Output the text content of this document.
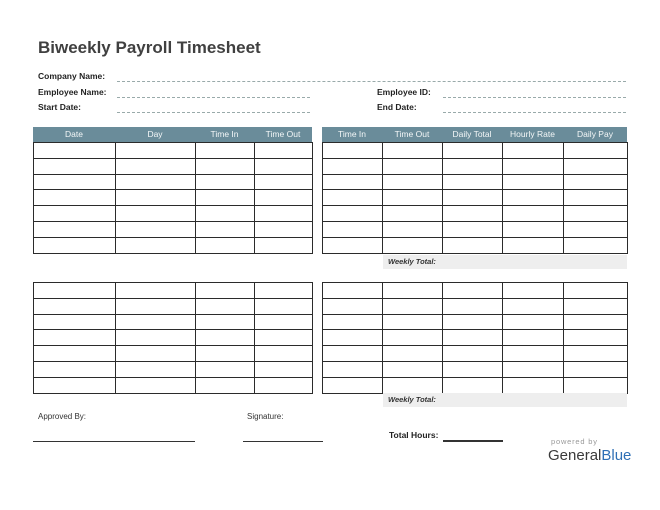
Biweekly Payroll Timesheet
Company Name:
Employee Name:
Start Date:
Employee ID:
End Date:
Date	Day	Time In	Time Out	Time In	Time Out	Daily Total	Hourly Rate	Daily Pay

Weekly Total:

Weekly Total:
Approved By:	Signature:
Total Hours:
powered by
GeneralBlue
